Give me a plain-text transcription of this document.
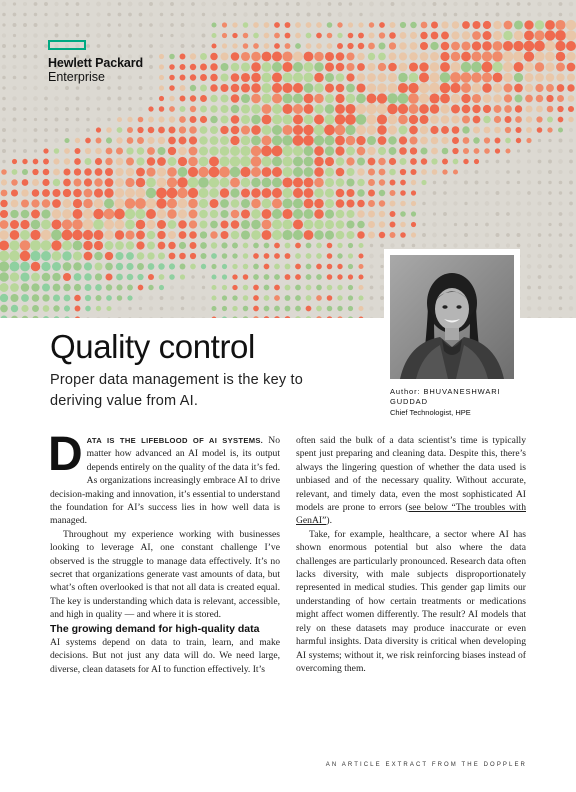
Hewlett Packard
Enterprise
Author: BHUVANESHWARI
GUDDAD
Chief Technologist, HPE
Quality control

Proper data management is the key to deriving value from AI.

DATA IS THE LIFEBLOOD OF AI SYSTEMS. No matter how advanced an AI model is, its output depends entirely on the quality of the data it’s fed. As organizations increasingly embrace AI to drive decision-making and innovation, it’s essential to understand the foundation for AI’s success lies in how well data is managed.

Throughout my experience working with businesses looking to leverage AI, one constant challenge I’ve observed is the struggle to manage data effectively. It’s no secret that organizations generate vast amounts of data, but what’s often overlooked is that not all data is created equal. The key is understanding which data is relevant, accessible, and high in quality — and where it is stored.

The growing demand for high-quality data

AI systems depend on data to train, learn, and make decisions. But not just any data will do. We need large, diverse, clean datasets for AI to function effectively. It’s

often said the bulk of a data scientist’s time is typically spent just preparing and cleaning data. Despite this, there’s always the lingering question of whether the data used is unbiased and of the necessary quality. Without accurate, relevant, and timely data, even the most sophisticated AI models are prone to errors (see below “The troubles with GenAI”).

Take, for example, healthcare, a sector where AI has shown enormous potential but also where the data challenges are particularly pronounced. Research data often lacks diversity, with male subjects disproportionately represented in medical studies. This gender gap limits our understanding of how certain treatments or medications might affect women differently. The result? AI models that rely on these datasets may produce inaccurate or even harmful insights. Data diversity is critical when developing AI systems; without it, we risk reinforcing biases instead of overcoming them.

AN ARTICLE EXTRACT FROM THE DOPPLER
